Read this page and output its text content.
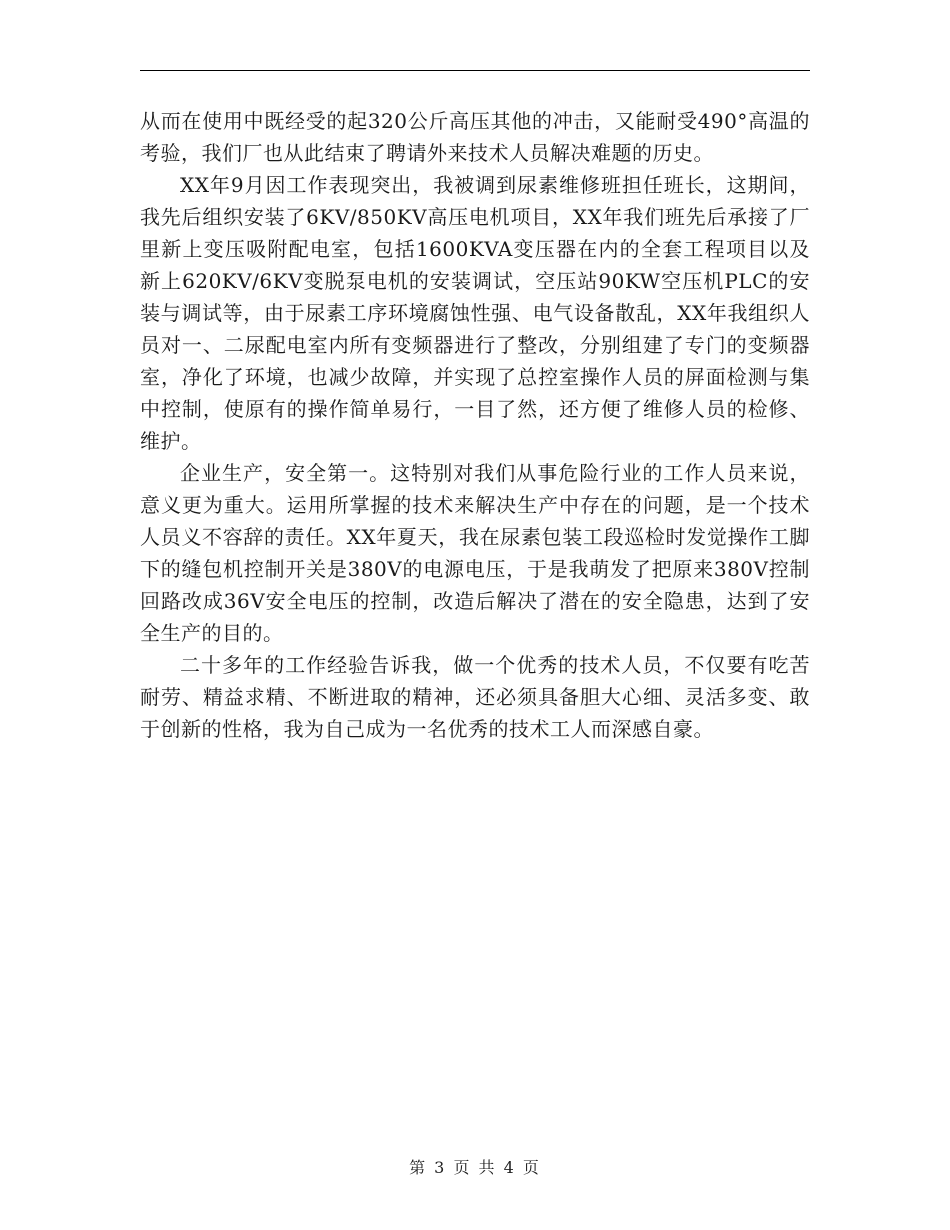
从而在使用中既经受的起320公斤高压其他的冲击，又能耐受490°高温的考验，我们厂也从此结束了聘请外来技术人员解决难题的历史。

XX年9月因工作表现突出，我被调到尿素维修班担任班长，这期间，我先后组织安装了6KV/850KV高压电机项目，XX年我们班先后承接了厂里新上变压吸附配电室，包括1600KVA变压器在内的全套工程项目以及新上620KV/6KV变脱泵电机的安装调试，空压站90KW空压机PLC的安装与调试等，由于尿素工序环境腐蚀性强、电气设备散乱，XX年我组织人员对一、二尿配电室内所有变频器进行了整改，分别组建了专门的变频器室，净化了环境，也减少故障，并实现了总控室操作人员的屏面检测与集中控制，使原有的操作简单易行，一目了然，还方便了维修人员的检修、维护。

企业生产，安全第一。这特别对我们从事危险行业的工作人员来说，意义更为重大。运用所掌握的技术来解决生产中存在的问题，是一个技术人员义不容辞的责任。XX年夏天，我在尿素包装工段巡检时发觉操作工脚下的缝包机控制开关是380V的电源电压，于是我萌发了把原来380V控制回路改成36V安全电压的控制，改造后解决了潜在的安全隐患，达到了安全生产的目的。

二十多年的工作经验告诉我，做一个优秀的技术人员，不仅要有吃苦耐劳、精益求精、不断进取的精神，还必须具备胆大心细、灵活多变、敢于创新的性格，我为自己成为一名优秀的技术工人而深感自豪。

第 3 页 共 4 页
